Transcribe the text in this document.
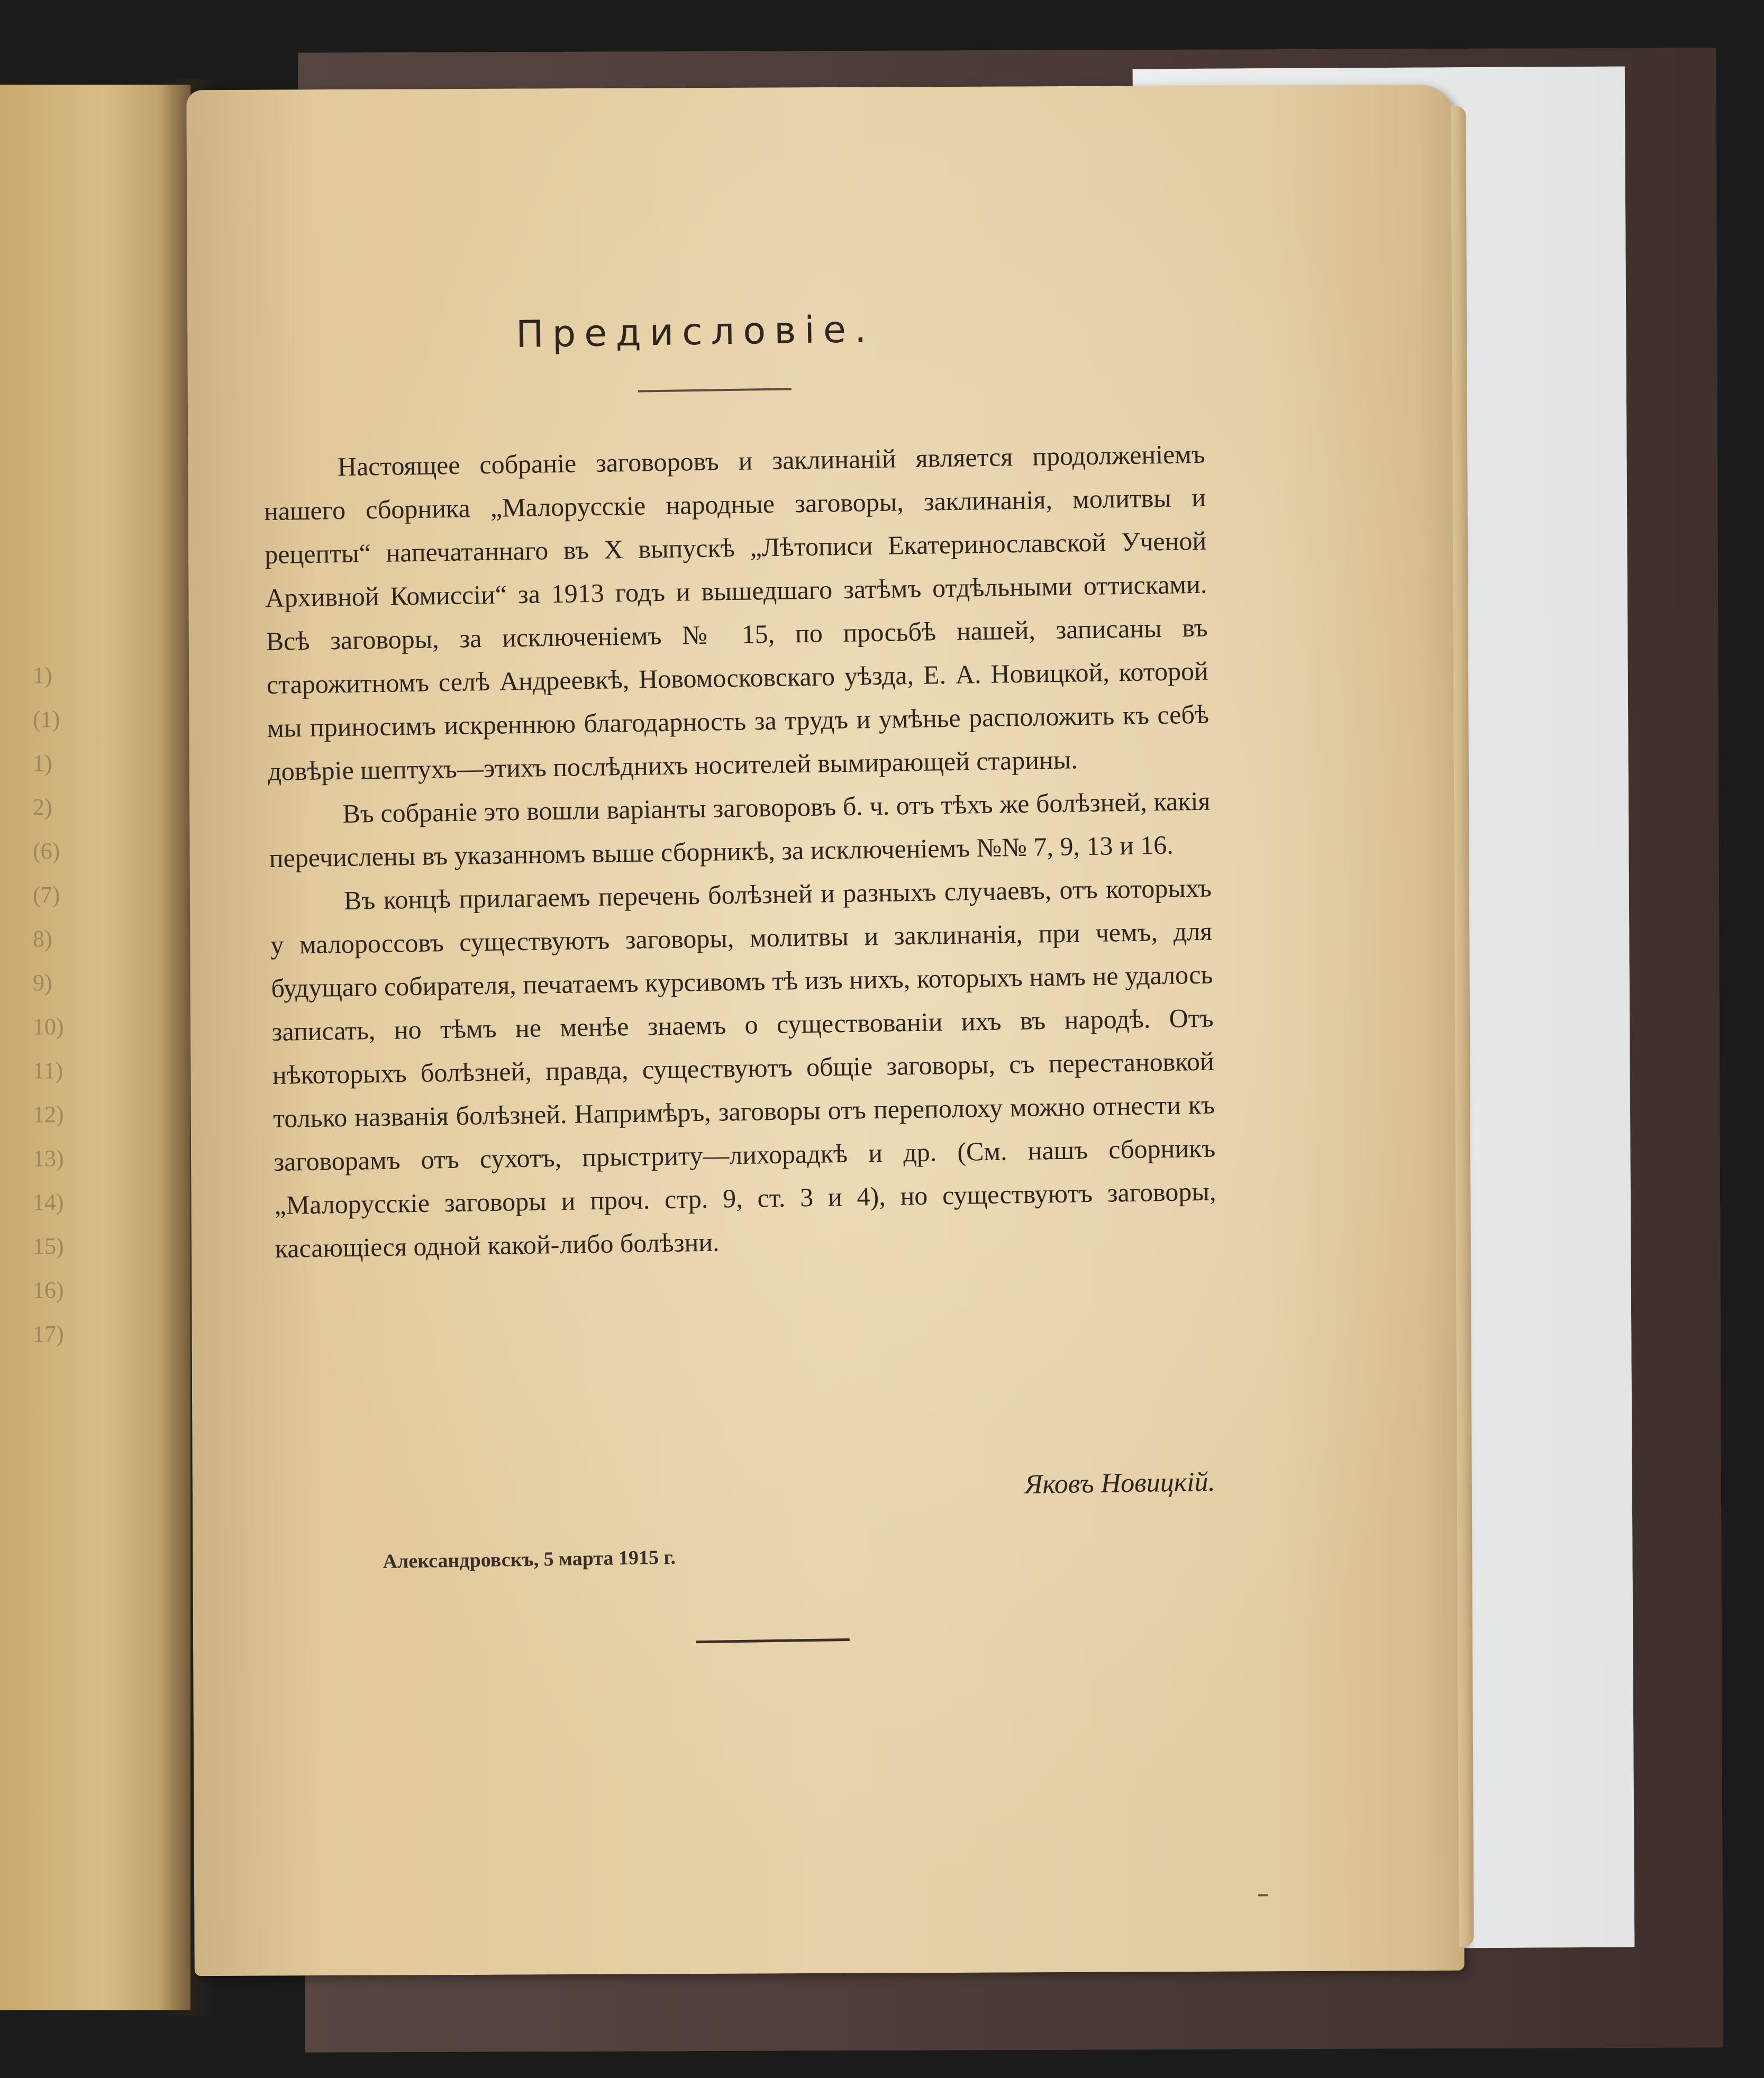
1)
(1)
1)
2)
(6)
(7)
8)
9)
10)
11)
12)
13)
14)
15)
16)
17)
Предисловіе.

Настоящее собраніе заговоровъ и заклинаній является продолженіемъ нашего сборника „Малорусскіе народные заговоры, заклинанія, молитвы и рецепты“ напечатаннаго въ X выпускѣ „Лѣтописи Екатеринославской Ученой Архивной Комиссіи“ за 1913 годъ и вышедшаго затѣмъ отдѣльными оттисками. Всѣ заговоры, за исключеніемъ № 15, по просьбѣ нашей, записаны въ старожитномъ селѣ Андреевкѣ, Новомосковскаго уѣзда, Е. А. Новицкой, которой мы приносимъ искреннюю благодарность за трудъ и умѣнье расположить къ себѣ довѣріе шептухъ—этихъ послѣднихъ носителей вымирающей старины.

Въ собраніе это вошли варіанты заговоровъ б. ч. отъ тѣхъ же болѣзней, какія перечислены въ указанномъ выше сборникѣ, за исключеніемъ №№ 7, 9, 13 и 16.

Въ концѣ прилагаемъ перечень болѣзней и разныхъ случаевъ, отъ которыхъ у малороссовъ существуютъ заговоры, молитвы и заклинанія, при чемъ, для будущаго собирателя, печатаемъ курсивомъ тѣ изъ нихъ, которыхъ намъ не удалось записать, но тѣмъ не менѣе знаемъ о существованіи ихъ въ народѣ. Отъ нѣкоторыхъ болѣзней, правда, существуютъ общіе заговоры, съ перестановкой только названія болѣзней. Напримѣръ, заговоры отъ переполоху можно отнести къ заговорамъ отъ сухотъ, прыстриту—лихорадкѣ и др. (См. нашъ сборникъ „Малорусскіе заговоры и проч. стр. 9, ст. 3 и 4), но существуютъ заговоры, касающіеся одной какой-либо болѣзни.

Яковъ Новицкій.
Александровскъ, 5 марта 1915 г.
